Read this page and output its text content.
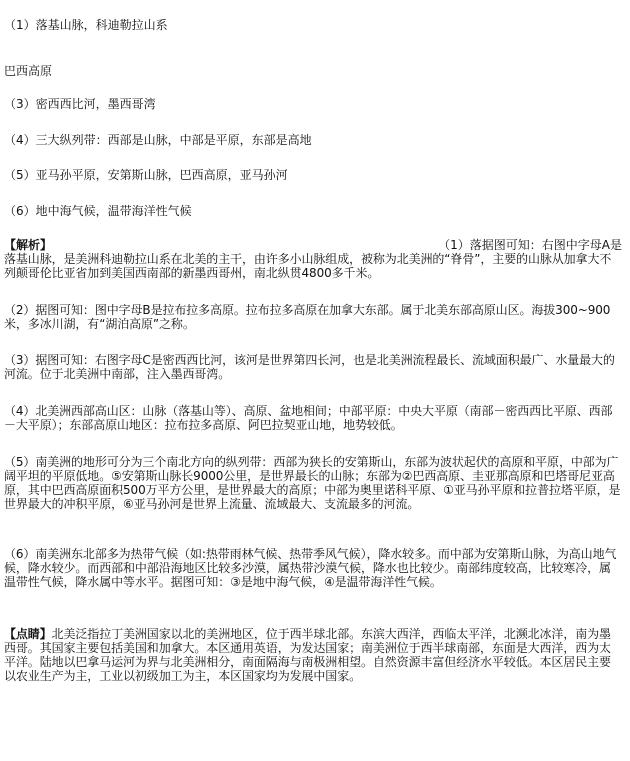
（1）落基山脉，科迪勒拉山系
巴西高原
（3）密西西比河，墨西哥湾
（4）三大纵列带：西部是山脉，中部是平原，东部是高地
（5）亚马孙平原，安第斯山脉，巴西高原，亚马孙河
（6）地中海气候，温带海洋性气候
【解析】	（1）落据图可知：右图中字母A是
落基山脉，是美洲科迪勒拉山系在北美的主干，由许多小山脉组成，被称为北美洲的“脊骨”，主要的山脉从加拿大不列颠哥伦比亚省加到美国西南部的新墨西哥州，南北纵贯4800多千米。
（2）据图可知：图中字母B是拉布拉多高原。拉布拉多高原在加拿大东部。属于北美东部高原山区。海拔300~900米，多冰川湖，有“湖泊高原”之称。
（3）据图可知：右图字母C是密西西比河，该河是世界第四长河，也是北美洲流程最长、流域面积最广、水量最大的河流。位于北美洲中南部，注入墨西哥湾。
（4）北美洲西部高山区：山脉（落基山等）、高原、盆地相间；中部平原：中央大平原（南部－密西西比平原、西部－大平原）；东部高原山地区：拉布拉多高原、阿巴拉契亚山地，地势较低。
（5）南美洲的地形可分为三个南北方向的纵列带：西部为狭长的安第斯山，东部为波状起伏的高原和平原，中部为广阔平坦的平原低地。⑤安第斯山脉长9000公里，是世界最长的山脉；东部为②巴西高原、圭亚那高原和巴塔哥尼亚高原，其中巴西高原面积500万平方公里，是世界最大的高原；中部为奥里诺科平原、①亚马孙平原和拉普拉塔平原，是世界最大的冲积平原，⑥亚马孙河是世界上流量、流域最大、支流最多的河流。
（6）南美洲东北部多为热带气候（如:热带雨林气候、热带季风气候），降水较多。而中部为安第斯山脉，为高山地气候，降水较少。而西部和中部沿海地区比较多沙漠，属热带沙漠气候，降水也比较少。南部纬度较高，比较寒冷，属温带性气候，降水属中等水平。据图可知：③是地中海气候，④是温带海洋性气候。
【点睛】北美泛指拉丁美洲国家以北的美洲地区，位于西半球北部。东滨大西洋，西临太平洋，北濒北冰洋，南为墨西哥。其国家主要包括美国和加拿大。本区通用英语，为发达国家；南美洲位于西半球南部，东面是大西洋，西为太平洋。陆地以巴拿马运河为界与北美洲相分，南面隔海与南极洲相望。自然资源丰富但经济水平较低。本区居民主要以农业生产为主，工业以初级加工为主，本区国家均为发展中国家。
